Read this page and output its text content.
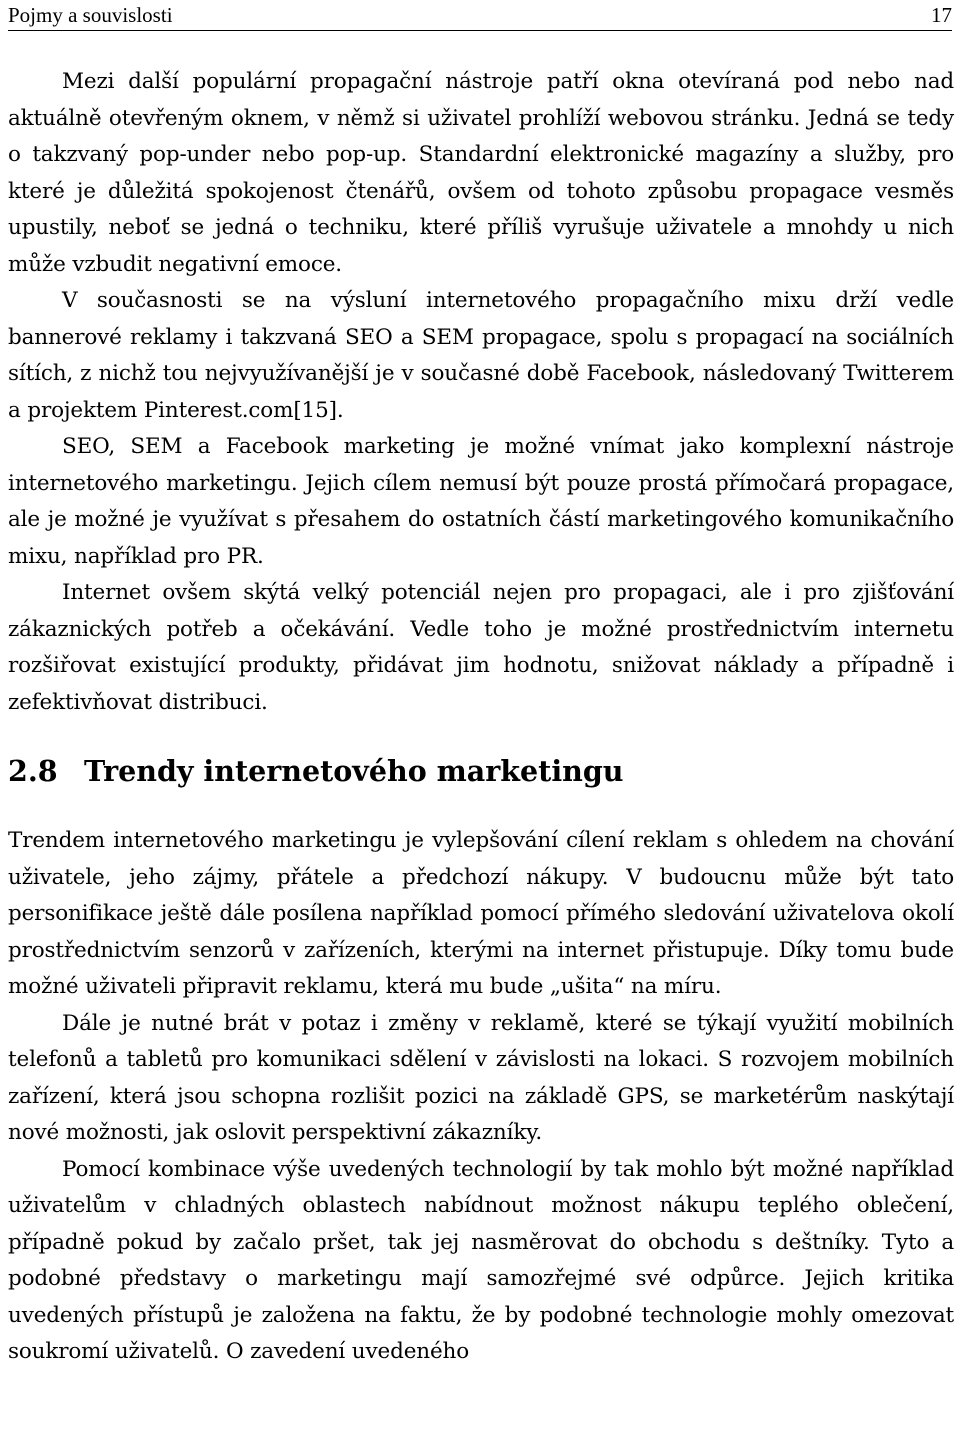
Pojmy a souvislosti	17

Mezi další populární propagační nástroje patří okna otevíraná pod nebo nad aktuálně otevřeným oknem, v němž si uživatel prohlíží webovou stránku. Jedná se tedy o takzvaný pop-under nebo pop-up. Standardní elektronické magazíny a služby, pro které je důležitá spokojenost čtenářů, ovšem od tohoto způsobu propagace vesměs upustily, neboť se jedná o techniku, které příliš vyrušuje uživatele a mnohdy u nich může vzbudit negativní emoce.

V současnosti se na výsluní internetového propagačního mixu drží vedle bannerové reklamy i takzvaná SEO a SEM propagace, spolu s propagací na sociálních sítích, z nichž tou nejvyužívanější je v současné době Facebook, následovaný Twitterem a projektem Pinterest.com[15].

SEO, SEM a Facebook marketing je možné vnímat jako komplexní nástroje internetového marketingu. Jejich cílem nemusí být pouze prostá přímočará propagace, ale je možné je využívat s přesahem do ostatních částí marketingového komunikačního mixu, například pro PR.

Internet ovšem skýtá velký potenciál nejen pro propagaci, ale i pro zjišťování zákaznických potřeb a očekávání. Vedle toho je možné prostřednictvím internetu rozšiřovat existující produkty, přidávat jim hodnotu, snižovat náklady a případně i zefektivňovat distribuci.

2.8 Trendy internetového marketingu

Trendem internetového marketingu je vylepšování cílení reklam s ohledem na chování uživatele, jeho zájmy, přátele a předchozí nákupy. V budoucnu může být tato personifikace ještě dále posílena například pomocí přímého sledování uživatelova okolí prostřednictvím senzorů v zařízeních, kterými na internet přistupuje. Díky tomu bude možné uživateli připravit reklamu, která mu bude „ušita“ na míru.

Dále je nutné brát v potaz i změny v reklamě, které se týkají využití mobilních telefonů a tabletů pro komunikaci sdělení v závislosti na lokaci. S rozvojem mobilních zařízení, která jsou schopna rozlišit pozici na základě GPS, se marketérům naskýtají nové možnosti, jak oslovit perspektivní zákazníky.

Pomocí kombinace výše uvedených technologií by tak mohlo být možné například uživatelům v chladných oblastech nabídnout možnost nákupu teplého oblečení, případně pokud by začalo pršet, tak jej nasměrovat do obchodu s deštníky. Tyto a podobné představy o marketingu mají samozřejmé své odpůrce. Jejich kritika uvedených přístupů je založena na faktu, že by podobné technologie mohly omezovat soukromí uživatelů. O zavedení uvedeného
